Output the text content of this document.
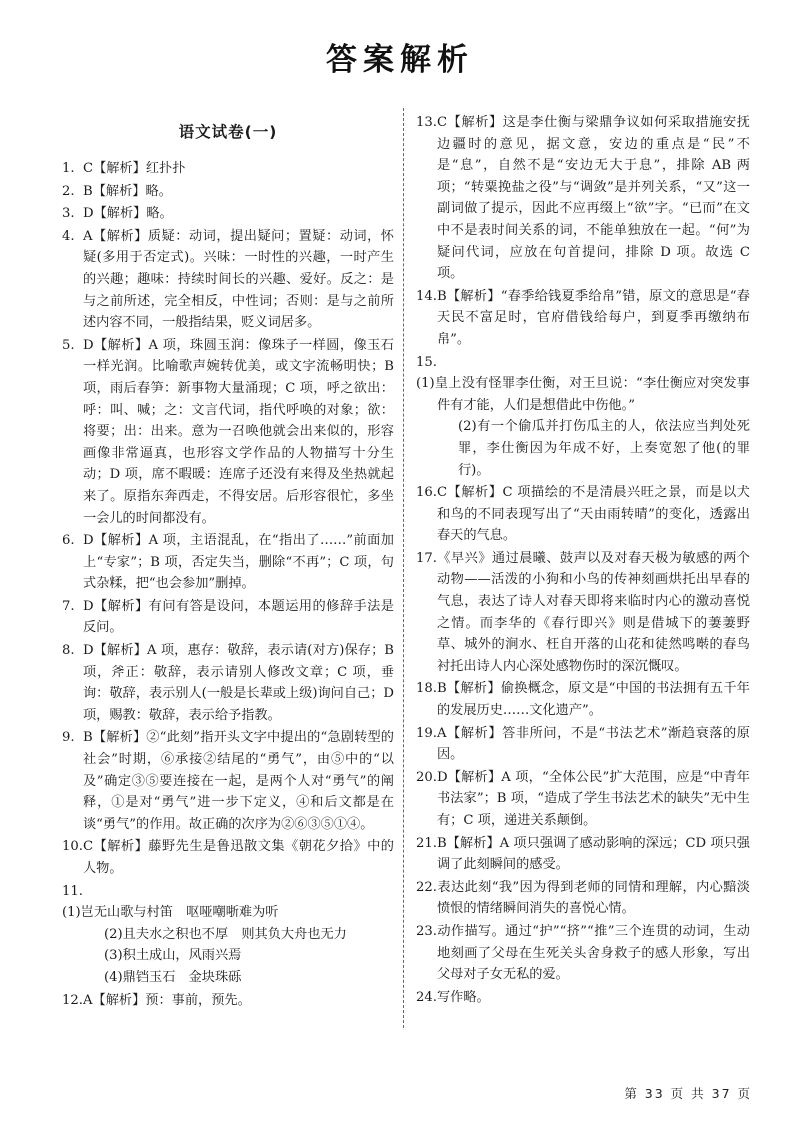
答案解析
语文试卷(一)
1. C【解析】红扑扑
2. B【解析】略。
3. D【解析】略。
4. A【解析】质疑：动词，提出疑问；置疑：动词，怀疑(多用于否定式)。兴味：一时性的兴趣，一时产生的兴趣；趣味：持续时间长的兴趣、爱好。反之：是与之前所述，完全相反，中性词；否则：是与之前所述内容不同，一般指结果，贬义词居多。
5. D【解析】A 项，珠圆玉润：像珠子一样圆，像玉石一样光润。比喻歌声婉转优美，或文字流畅明快；B 项，雨后春笋：新事物大量涌现；C 项，呼之欲出：呼：叫、喊；之：文言代词，指代呼唤的对象；欲：将要；出：出来。意为一召唤他就会出来似的，形容画像非常逼真，也形容文学作品的人物描写十分生动；D 项，席不暇暖：连席子还没有来得及坐热就起来了。原指东奔西走，不得安居。后形容很忙，多坐一会儿的时间都没有。
6. D【解析】A 项，主语混乱，在“指出了……”前面加上“专家”；B 项，否定失当，删除“不再”；C 项，句式杂糅，把“也会参加”删掉。
7. D【解析】有问有答是设问，本题运用的修辞手法是反问。
8. D【解析】A 项，惠存：敬辞，表示请(对方)保存；B 项，斧正：敬辞，表示请别人修改文章；C 项，垂询：敬辞，表示别人(一般是长辈或上级)询问自己；D 项，赐教：敬辞，表示给予指教。
9. B【解析】②“此刻”指开头文字中提出的“急剧转型的社会”时期，⑥承接②结尾的“勇气”，由⑤中的“以及”确定③⑤要连接在一起，是两个人对“勇气”的阐释，①是对“勇气”进一步下定义，④和后文都是在谈“勇气”的作用。故正确的次序为②⑥③⑤①④。
10.C【解析】藤野先生是鲁迅散文集《朝花夕拾》中的人物。
11.
(1)岂无山歌与村笛　呕哑嘲哳难为听
(2)且夫水之积也不厚　则其负大舟也无力
(3)积土成山，风雨兴焉
(4)鼎铛玉石　金块珠砾
12.A【解析】预：事前，预先。
13.C【解析】这是李仕衡与梁鼎争议如何采取措施安抚边疆时的意见，据文意，安边的重点是“民”不是“息”，自然不是“安边无大于息”，排除 AB 两项；“转粟挽盐之役”与“调敛”是并列关系，“又”这一副词做了提示，因此不应再缀上“欲”字。“已而”在文中不是表时间关系的词，不能单独放在一起。“何”为疑问代词，应放在句首提问，排除 D 项。故选 C 项。
14.B【解析】“春季给钱夏季给帛”错，原文的意思是“春天民不富足时，官府借钱给每户，到夏季再缴纳布帛”。
15.
(1)皇上没有怪罪李仕衡，对王旦说：“李仕衡应对突发事件有才能，人们是想借此中伤他。”
(2)有一个偷瓜并打伤瓜主的人，依法应当判处死罪，李仕衡因为年成不好，上奏宽恕了他(的罪行)。
16.C【解析】C 项描绘的不是清晨兴旺之景，而是以犬和鸟的不同表现写出了“天由雨转晴”的变化，透露出春天的气息。
17.《早兴》通过晨曦、鼓声以及对春天极为敏感的两个动物——活泼的小狗和小鸟的传神刻画烘托出早春的气息，表达了诗人对春天即将来临时内心的激动喜悦之情。而李华的《春行即兴》则是借城下的萋萋野草、城外的涧水、枉自开落的山花和徒然鸣啭的春鸟衬托出诗人内心深处感物伤时的深沉慨叹。
18.B【解析】偷换概念，原文是“中国的书法拥有五千年的发展历史……文化遗产”。
19.A【解析】答非所问，不是“书法艺术”渐趋衰落的原因。
20.D【解析】A 项，“全体公民”扩大范围，应是“中青年书法家”；B 项，“造成了学生书法艺术的缺失”无中生有；C 项，递进关系颠倒。
21.B【解析】A 项只强调了感动影响的深远；CD 项只强调了此刻瞬间的感受。
22.表达此刻“我”因为得到老师的同情和理解，内心黯淡愤恨的情绪瞬间消失的喜悦心情。
23.动作描写。通过“护”“挤”“推”三个连贯的动词，生动地刻画了父母在生死关头舍身救子的感人形象，写出父母对子女无私的爱。
24.写作略。
第 33 页 共 37 页
